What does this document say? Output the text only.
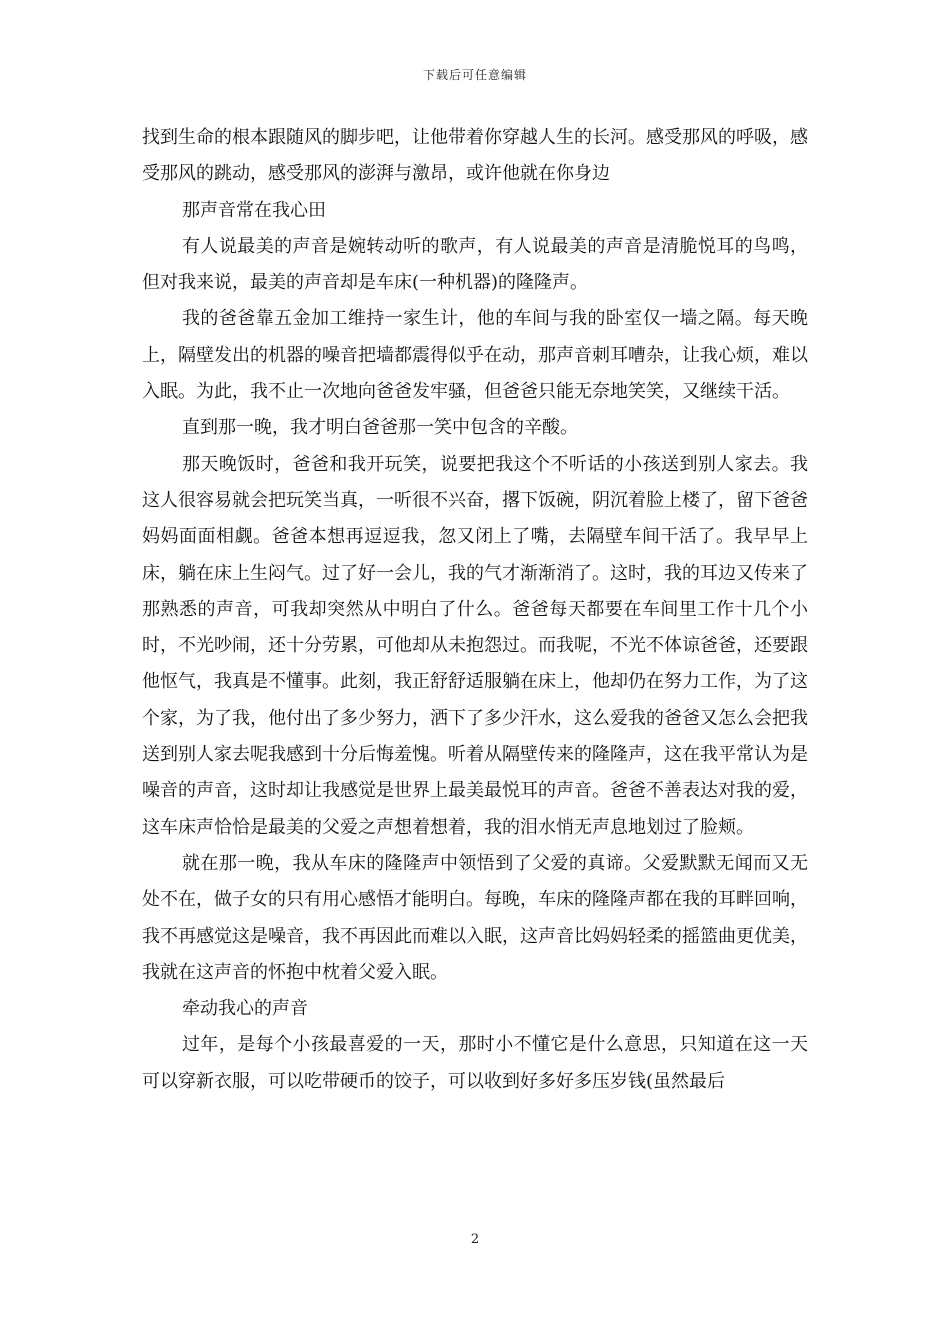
下载后可任意编辑

找到生命的根本跟随风的脚步吧，让他带着你穿越人生的长河。感受那风的呼吸，感受那风的跳动，感受那风的澎湃与激昂，或许他就在你身边

那声音常在我心田

有人说最美的声音是婉转动听的歌声，有人说最美的声音是清脆悦耳的鸟鸣，但对我来说，最美的声音却是车床(一种机器)的隆隆声。

我的爸爸靠五金加工维持一家生计，他的车间与我的卧室仅一墙之隔。每天晚上，隔壁发出的机器的噪音把墙都震得似乎在动，那声音刺耳嘈杂，让我心烦，难以入眠。为此，我不止一次地向爸爸发牢骚，但爸爸只能无奈地笑笑，又继续干活。

直到那一晚，我才明白爸爸那一笑中包含的辛酸。

那天晚饭时，爸爸和我开玩笑，说要把我这个不听话的小孩送到别人家去。我这人很容易就会把玩笑当真，一听很不兴奋，撂下饭碗，阴沉着脸上楼了，留下爸爸妈妈面面相觑。爸爸本想再逗逗我，忽又闭上了嘴，去隔壁车间干活了。我早早上床，躺在床上生闷气。过了好一会儿，我的气才渐渐消了。这时，我的耳边又传来了那熟悉的声音，可我却突然从中明白了什么。爸爸每天都要在车间里工作十几个小时，不光吵闹，还十分劳累，可他却从未抱怨过。而我呢，不光不体谅爸爸，还要跟他怄气，我真是不懂事。此刻，我正舒舒适服躺在床上，他却仍在努力工作，为了这个家，为了我，他付出了多少努力，洒下了多少汗水，这么爱我的爸爸又怎么会把我送到别人家去呢我感到十分后悔羞愧。听着从隔壁传来的隆隆声，这在我平常认为是噪音的声音，这时却让我感觉是世界上最美最悦耳的声音。爸爸不善表达对我的爱，这车床声恰恰是最美的父爱之声想着想着，我的泪水悄无声息地划过了脸颊。

就在那一晚，我从车床的隆隆声中领悟到了父爱的真谛。父爱默默无闻而又无处不在，做子女的只有用心感悟才能明白。每晚，车床的隆隆声都在我的耳畔回响，我不再感觉这是噪音，我不再因此而难以入眠，这声音比妈妈轻柔的摇篮曲更优美，我就在这声音的怀抱中枕着父爱入眠。

牵动我心的声音

过年，是每个小孩最喜爱的一天，那时小不懂它是什么意思，只知道在这一天可以穿新衣服，可以吃带硬币的饺子，可以收到好多好多压岁钱(虽然最后

2
